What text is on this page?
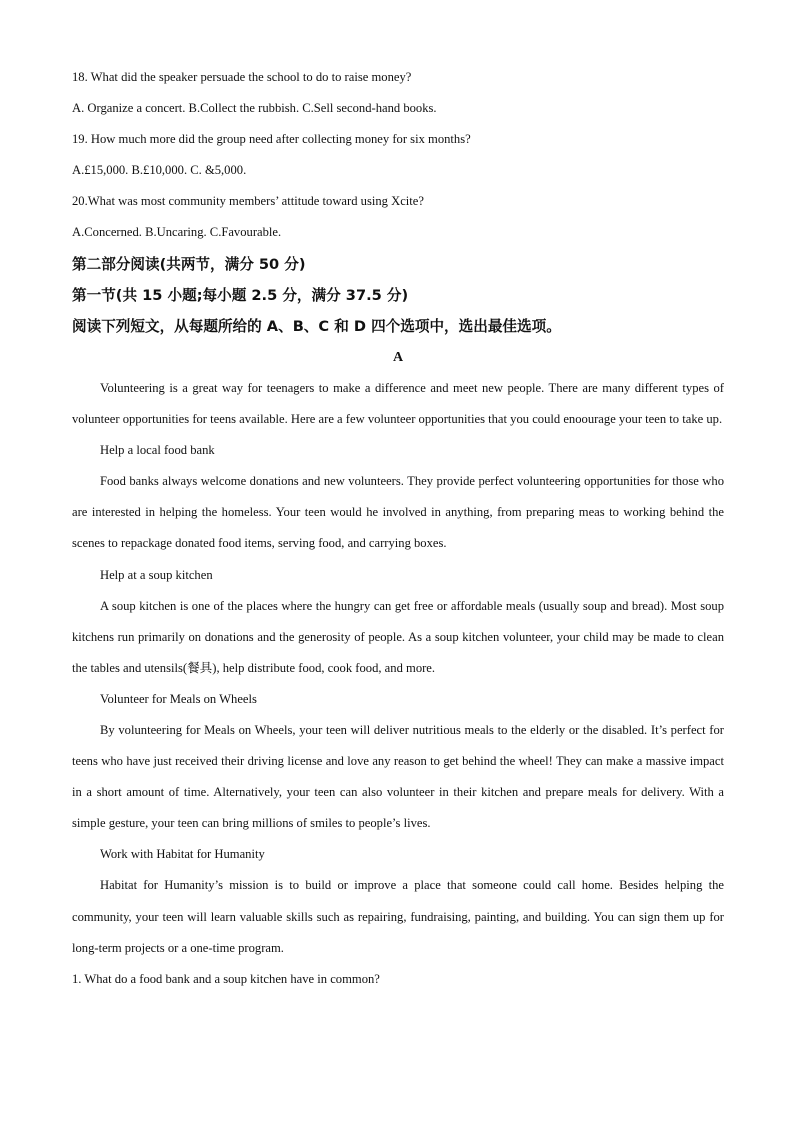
18. What did the speaker persuade the school to do to raise money?
A. Organize a concert. B.Collect the rubbish. C.Sell second-hand books.
19. How much more did the group need after collecting money for six months?
A.£15,000. B.£10,000. C. &5,000.
20.What was most community members’ attitude toward using Xcite?
A.Concerned. B.Uncaring. C.Favourable.
第二部分阅读(共两节，满分 50 分)
第一节(共 15 小题;每小题 2.5 分，满分 37.5 分)
阅读下列短文，从每题所给的 A、B、C 和 D 四个选项中，选出最佳选项。
A
Volunteering is a great way for teenagers to make a difference and meet new people. There are many different types of volunteer opportunities for teens available. Here are a few volunteer opportunities that you could enoourage your teen to take up.
Help a local food bank
Food banks always welcome donations and new volunteers. They provide perfect volunteering opportunities for those who are interested in helping the homeless. Your teen would he involved in anything, from preparing meas to working behind the scenes to repackage donated food items, serving food, and carrying boxes.
Help at a soup kitchen
A soup kitchen is one of the places where the hungry can get free or affordable meals (usually soup and bread). Most soup kitchens run primarily on donations and the generosity of people. As a soup kitchen volunteer, your child may be made to clean the tables and utensils(餐具), help distribute food, cook food, and more.
Volunteer for Meals on Wheels
By volunteering for Meals on Wheels, your teen will deliver nutritious meals to the elderly or the disabled. It’s perfect for teens who have just received their driving license and love any reason to get behind the wheel! They can make a massive impact in a short amount of time. Alternatively, your teen can also volunteer in their kitchen and prepare meals for delivery. With a simple gesture, your teen can bring millions of smiles to people’s lives.
Work with Habitat for Humanity
Habitat for Humanity’s mission is to build or improve a place that someone could call home. Besides helping the community, your teen will learn valuable skills such as repairing, fundraising, painting, and building. You can sign them up for long-term projects or a one-time program.
1. What do a food bank and a soup kitchen have in common?
